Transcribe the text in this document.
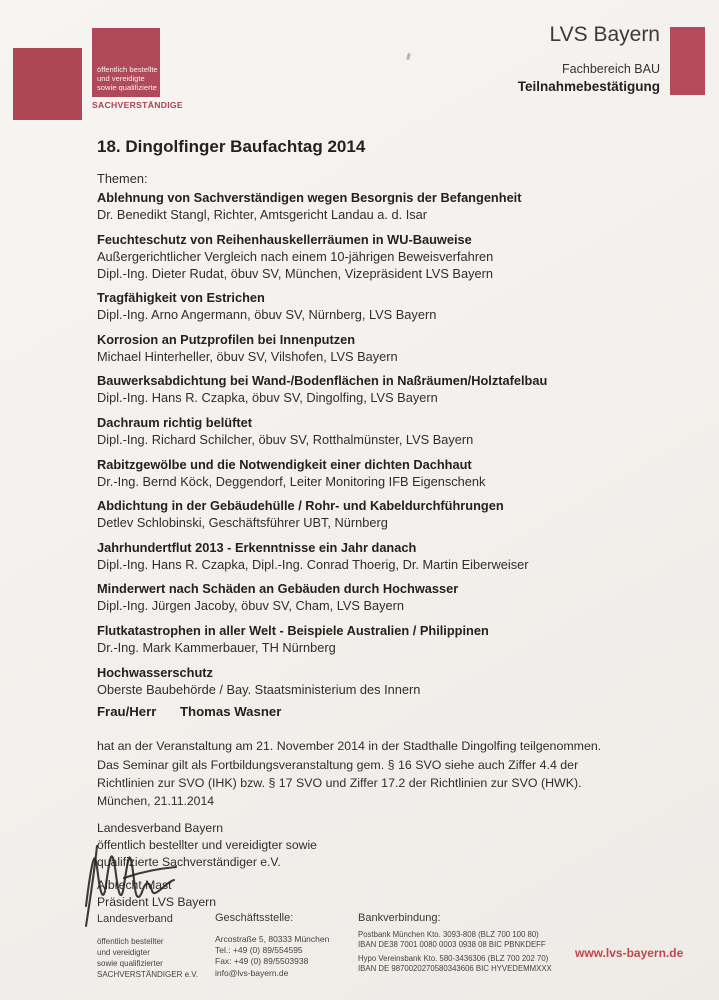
öffentlich bestellte
und vereidigte
sowie qualifizierte
SACHVERSTÄNDIGE
LVS Bayern
Fachbereich BAU
Teilnahmebestätigung
18. Dingolfinger Baufachtag 2014
Themen:
Ablehnung von Sachverständigen wegen Besorgnis der Befangenheit
Dr. Benedikt Stangl, Richter, Amtsgericht Landau a. d. Isar
Feuchteschutz von Reihenhauskellerräumen in WU-Bauweise
Außergerichtlicher Vergleich nach einem 10-jährigen Beweisverfahren
Dipl.-Ing. Dieter Rudat, öbuv SV, München, Vizepräsident LVS Bayern
Tragfähigkeit von Estrichen
Dipl.-Ing. Arno Angermann, öbuv SV, Nürnberg, LVS Bayern
Korrosion an Putzprofilen bei Innenputzen
Michael Hinterheller, öbuv SV, Vilshofen, LVS Bayern
Bauwerksabdichtung bei Wand-/Bodenflächen in Naßräumen/Holztafelbau
Dipl.-Ing. Hans R. Czapka, öbuv SV, Dingolfing, LVS Bayern
Dachraum richtig belüftet
Dipl.-Ing. Richard Schilcher, öbuv SV, Rotthalmünster, LVS Bayern
Rabitzgewölbe und die Notwendigkeit einer dichten Dachhaut
Dr.-Ing. Bernd Köck, Deggendorf, Leiter Monitoring IFB Eigenschenk
Abdichtung in der Gebäudehülle / Rohr- und Kabeldurchführungen
Detlev Schlobinski, Geschäftsführer UBT, Nürnberg
Jahrhundertflut 2013 - Erkenntnisse ein Jahr danach
Dipl.-Ing. Hans R. Czapka, Dipl.-Ing. Conrad Thoerig, Dr. Martin Eiberweiser
Minderwert nach Schäden an Gebäuden durch Hochwasser
Dipl.-Ing. Jürgen Jacoby, öbuv SV, Cham, LVS Bayern
Flutkatastrophen in aller Welt - Beispiele Australien / Philippinen
Dr.-Ing. Mark Kammerbauer, TH Nürnberg
Hochwasserschutz
Oberste Baubehörde / Bay. Staatsministerium des Innern
Frau/Herr Thomas Wasner
hat an der Veranstaltung am 21. November 2014 in der Stadthalle Dingolfing teilgenommen.
Das Seminar gilt als Fortbildungsveranstaltung gem. § 16 SVO siehe auch Ziffer 4.4 der
Richtlinien zur SVO (IHK) bzw. § 17 SVO und Ziffer 17.2 der Richtlinien zur SVO (HWK).
München, 21.11.2014
Landesverband Bayern
öffentlich bestellter und vereidigter sowie
qualifizierte Sachverständiger e.V.
Albrecht Mast
Präsident LVS Bayern
Landesverband	Geschäftsstelle:	Bankverbindung:
öffentlich bestellter
und vereidigter
sowie qualifizierter
SACHVERSTÄNDIGER e.V.
Arcostraße 5, 80333 München
Tel.: +49 (0) 89/554595
Fax: +49 (0) 89/5503938
info@lvs-bayern.de
Postbank München Kto. 3093-808 (BLZ 700 100 80)
IBAN DE38 7001 0080 0003 0938 08 BIC PBNKDEFF
Hypo Vereinsbank Kto. 580-3436306 (BLZ 700 202 70)
IBAN DE 9870020270580343606 BIC HYVEDEMMXXX
www.lvs-bayern.de
